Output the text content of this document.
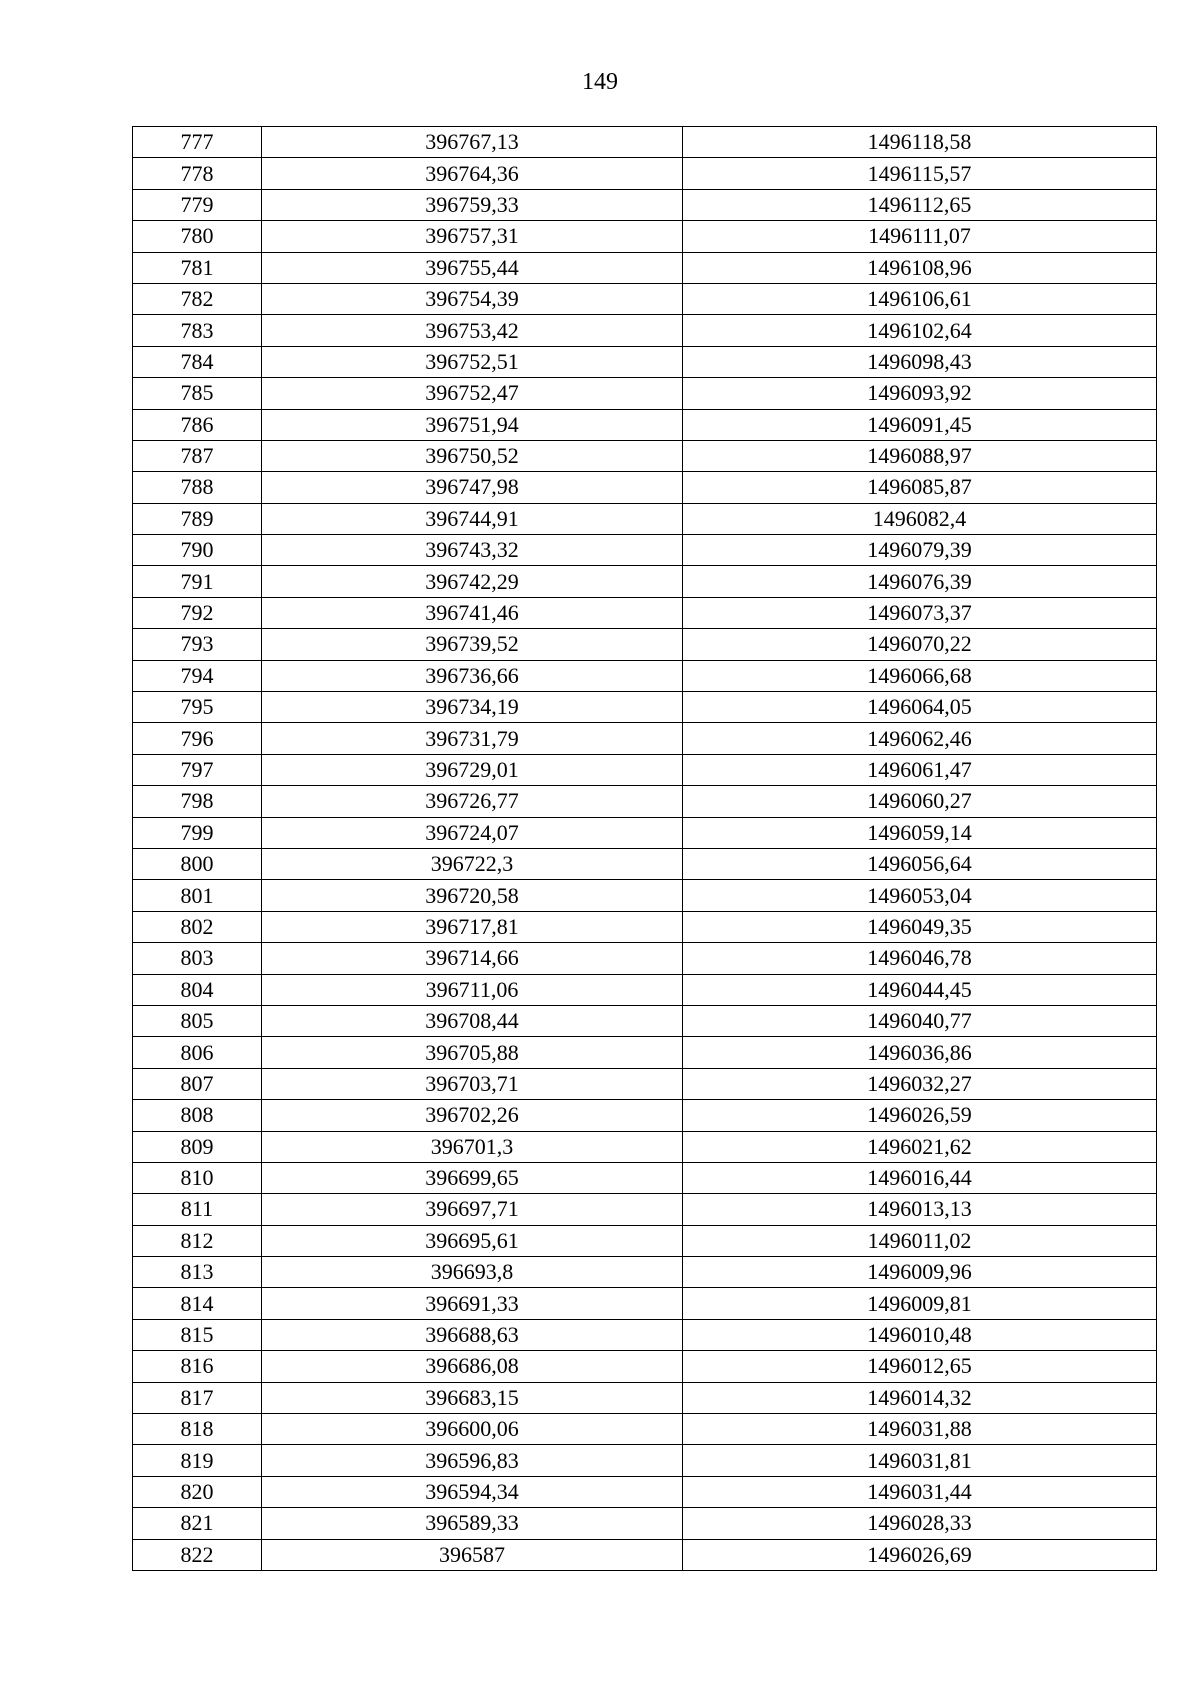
149
777	396767,13	1496118,58
778	396764,36	1496115,57
779	396759,33	1496112,65
780	396757,31	1496111,07
781	396755,44	1496108,96
782	396754,39	1496106,61
783	396753,42	1496102,64
784	396752,51	1496098,43
785	396752,47	1496093,92
786	396751,94	1496091,45
787	396750,52	1496088,97
788	396747,98	1496085,87
789	396744,91	1496082,4
790	396743,32	1496079,39
791	396742,29	1496076,39
792	396741,46	1496073,37
793	396739,52	1496070,22
794	396736,66	1496066,68
795	396734,19	1496064,05
796	396731,79	1496062,46
797	396729,01	1496061,47
798	396726,77	1496060,27
799	396724,07	1496059,14
800	396722,3	1496056,64
801	396720,58	1496053,04
802	396717,81	1496049,35
803	396714,66	1496046,78
804	396711,06	1496044,45
805	396708,44	1496040,77
806	396705,88	1496036,86
807	396703,71	1496032,27
808	396702,26	1496026,59
809	396701,3	1496021,62
810	396699,65	1496016,44
811	396697,71	1496013,13
812	396695,61	1496011,02
813	396693,8	1496009,96
814	396691,33	1496009,81
815	396688,63	1496010,48
816	396686,08	1496012,65
817	396683,15	1496014,32
818	396600,06	1496031,88
819	396596,83	1496031,81
820	396594,34	1496031,44
821	396589,33	1496028,33
822	396587	1496026,69
